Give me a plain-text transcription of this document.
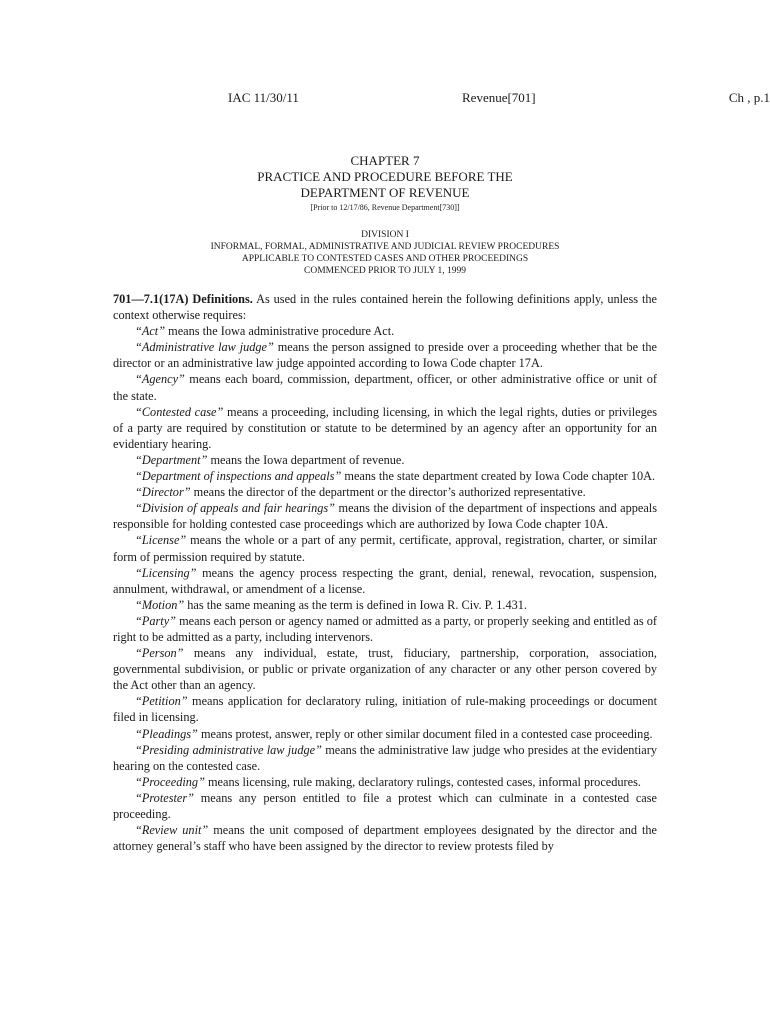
IAC 11/30/11	Revenue[701]	Ch , p.1
CHAPTER 7
PRACTICE AND PROCEDURE BEFORE THE
DEPARTMENT OF REVENUE
[Prior to 12/17/86, Revenue Department[730]]
DIVISION I
INFORMAL, FORMAL, ADMINISTRATIVE AND JUDICIAL REVIEW PROCEDURES
APPLICABLE TO CONTESTED CASES AND OTHER PROCEEDINGS
COMMENCED PRIOR TO JULY 1, 1999

701—7.1(17A) Definitions. As used in the rules contained herein the following definitions apply, unless the context otherwise requires:

“Act” means the Iowa administrative procedure Act.

“Administrative law judge” means the person assigned to preside over a proceeding whether that be the director or an administrative law judge appointed according to Iowa Code chapter 17A.

“Agency” means each board, commission, department, officer, or other administrative office or unit of the state.

“Contested case” means a proceeding, including licensing, in which the legal rights, duties or privileges of a party are required by constitution or statute to be determined by an agency after an opportunity for an evidentiary hearing.

“Department” means the Iowa department of revenue.

“Department of inspections and appeals” means the state department created by Iowa Code chapter 10A.

“Director” means the director of the department or the director’s authorized representative.

“Division of appeals and fair hearings” means the division of the department of inspections and appeals responsible for holding contested case proceedings which are authorized by Iowa Code chapter 10A.

“License” means the whole or a part of any permit, certificate, approval, registration, charter, or similar form of permission required by statute.

“Licensing” means the agency process respecting the grant, denial, renewal, revocation, suspension, annulment, withdrawal, or amendment of a license.

“Motion” has the same meaning as the term is defined in Iowa R. Civ. P. 1.431.

“Party” means each person or agency named or admitted as a party, or properly seeking and entitled as of right to be admitted as a party, including intervenors.

“Person” means any individual, estate, trust, fiduciary, partnership, corporation, association, governmental subdivision, or public or private organization of any character or any other person covered by the Act other than an agency.

“Petition” means application for declaratory ruling, initiation of rule-making proceedings or document filed in licensing.

“Pleadings” means protest, answer, reply or other similar document filed in a contested case proceeding.

“Presiding administrative law judge” means the administrative law judge who presides at the evidentiary hearing on the contested case.

“Proceeding” means licensing, rule making, declaratory rulings, contested cases, informal procedures.

“Protester” means any person entitled to file a protest which can culminate in a contested case proceeding.

“Review unit” means the unit composed of department employees designated by the director and the attorney general’s staff who have been assigned by the director to review protests filed by
